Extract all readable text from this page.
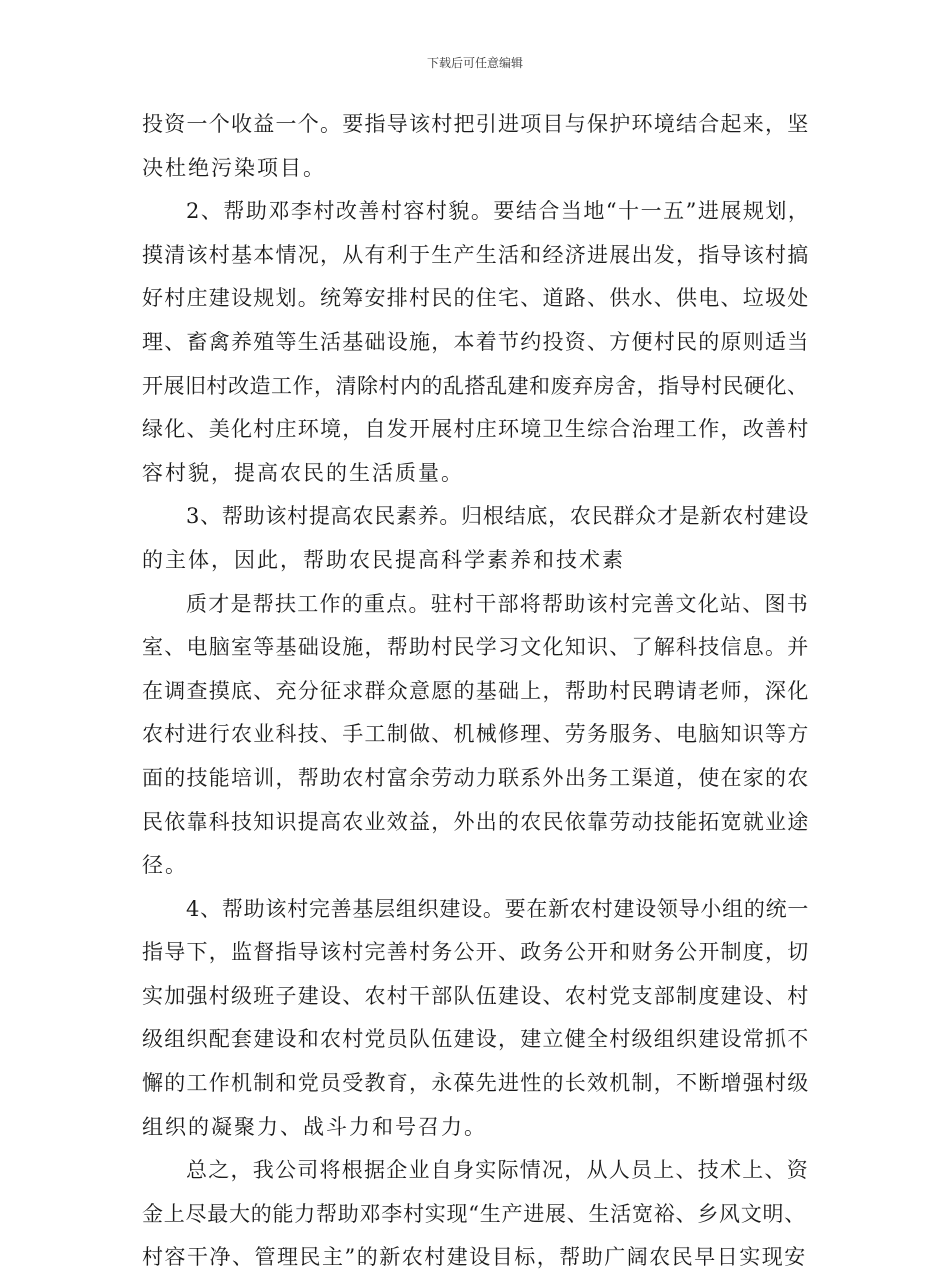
下载后可任意编辑
投资一个收益一个。要指导该村把引进项目与保护环境结合起来，坚
决杜绝污染项目。
2、帮助邓李村改善村容村貌。要结合当地“十一五”进展规划，
摸清该村基本情况，从有利于生产生活和经济进展出发，指导该村搞
好村庄建设规划。统筹安排村民的住宅、道路、供水、供电、垃圾处
理、畜禽养殖等生活基础设施，本着节约投资、方便村民的原则适当
开展旧村改造工作，清除村内的乱搭乱建和废弃房舍，指导村民硬化、
绿化、美化村庄环境，自发开展村庄环境卫生综合治理工作，改善村
容村貌，提高农民的生活质量。
3、帮助该村提高农民素养。归根结底，农民群众才是新农村建设
的主体，因此，帮助农民提高科学素养和技术素
质才是帮扶工作的重点。驻村干部将帮助该村完善文化站、图书
室、电脑室等基础设施，帮助村民学习文化知识、了解科技信息。并
在调查摸底、充分征求群众意愿的基础上，帮助村民聘请老师，深化
农村进行农业科技、手工制做、机械修理、劳务服务、电脑知识等方
面的技能培训，帮助农村富余劳动力联系外出务工渠道，使在家的农
民依靠科技知识提高农业效益，外出的农民依靠劳动技能拓宽就业途
径。
4、帮助该村完善基层组织建设。要在新农村建设领导小组的统一
指导下，监督指导该村完善村务公开、政务公开和财务公开制度，切
实加强村级班子建设、农村干部队伍建设、农村党支部制度建设、村
级组织配套建设和农村党员队伍建设，建立健全村级组织建设常抓不
懈的工作机制和党员受教育，永葆先进性的长效机制，不断增强村级
组织的凝聚力、战斗力和号召力。
总之，我公司将根据企业自身实际情况，从人员上、技术上、资
金上尽最大的能力帮助邓李村实现“生产进展、生活宽裕、乡风文明、
村容干净、管理民主”的新农村建设目标，帮助广阔农民早日实现安
